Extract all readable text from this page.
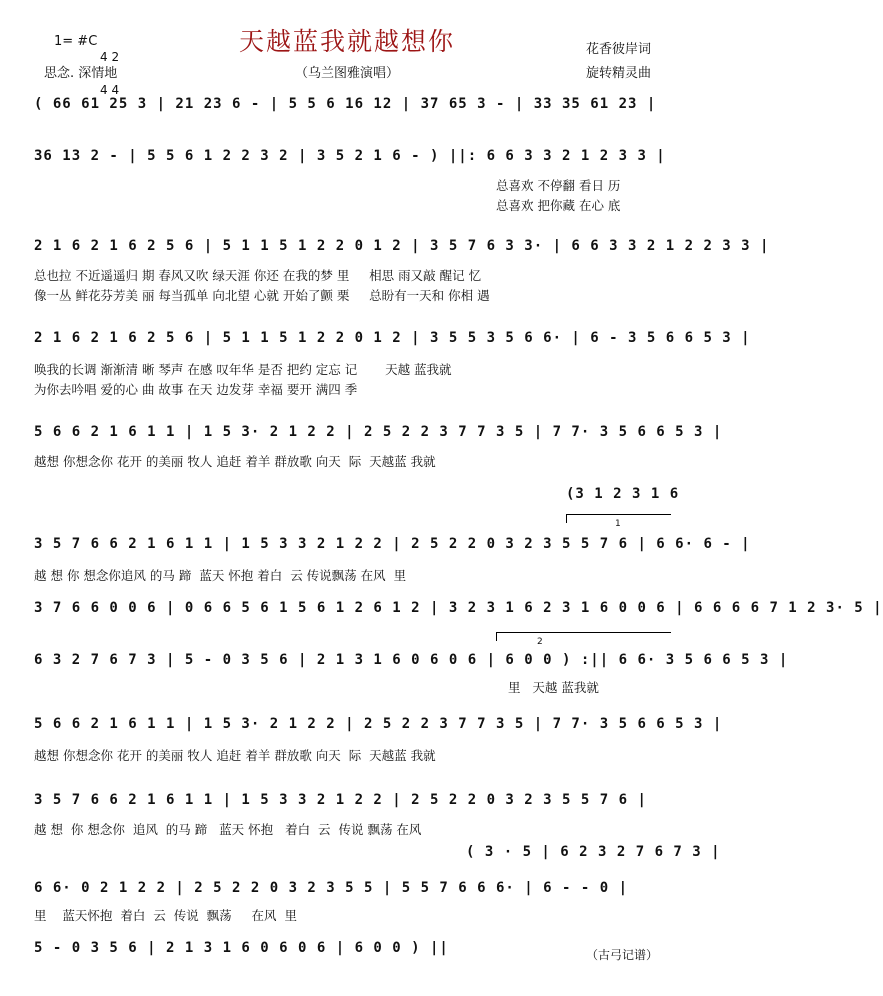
天越蓝我就越想你
（乌兰图雅演唱）
1= #C

4 2

4 4

思念. 深情地
花香彼岸词
旋转精灵曲
( 66 61 25 3 | 21 23 6 - | 5 5 6 16 12 | 37 65 3 - | 33 35 61 23 |
36 13 2 - | 5 5 6 1 2 2 3 2 | 3 5 2 1 6 - ) ||: 6 6 3 3 2 1 2 3 3 |
总喜欢 不停翻 看日 历
总喜欢 把你藏 在心 底
2 1 6 2 1 6 2 5 6 | 5 1 1 5 1 2 2 0 1 2 | 3 5 7 6 3 3· | 6 6 3 3 2 1 2 2 3 3 |
总也拉 不近遥遥归 期 春风又吹 绿天涯 你还 在我的梦 里     相思 雨又敲 醒记 忆
像一丛 鲜花芬芳美 丽 每当孤单 向北望 心就 开始了颤 栗     总盼有一天和 你相 遇
2 1 6 2 1 6 2 5 6 | 5 1 1 5 1 2 2 0 1 2 | 3 5 5 3 5 6 6· | 6 - 3 5 6 6 5 3 |
唤我的长调 渐渐清 晰 琴声 在感 叹年华 是否 把约 定忘 记       天越 蓝我就
为你去吟唱 爱的心 曲 故事 在天 边发芽 幸福 要开 满四 季
5 6 6 2 1 6 1 1 | 1 5 3· 2 1 2 2 | 2 5 2 2 3 7 7 3 5 | 7 7· 3 5 6 6 5 3 |
越想 你想念你 花开 的美丽 牧人 追赶 着羊 群放歌 向天  际  天越蓝 我就
(3 1 2 3 1 6
$^1$
3 5 7 6 6 2 1 6 1 1 | 1 5 3 3 2 1 2 2 | 2 5 2 2 0 3 2 3 5 5 7 6 | 6 6· 6 - |
越 想 你 想念你追风 的马 蹄  蓝天 怀抱 着白  云 传说飘荡 在风  里
3 7 6 6 0 0 6 | 0 6 6 5 6 1 5 6 1 2 6 1 2 | 3 2 3 1 6 2 3 1 6 0 0 6 | 6 6 6 6 7 1 2 3· 5 |
$^2$
6 3 2 7 6 7 3 | 5 - 0 3 5 6 | 2 1 3 1 6 0 6 0 6 | 6 0 0 ) :|| 6 6· 3 5 6 6 5 3 |
里   天越 蓝我就
5 6 6 2 1 6 1 1 | 1 5 3· 2 1 2 2 | 2 5 2 2 3 7 7 3 5 | 7 7· 3 5 6 6 5 3 |
越想 你想念你 花开 的美丽 牧人 追赶 着羊 群放歌 向天  际  天越蓝 我就
3 5 7 6 6 2 1 6 1 1 | 1 5 3 3 2 1 2 2 | 2 5 2 2 0 3 2 3 5 5 7 6 |
越 想  你 想念你  追风  的马 蹄   蓝天 怀抱   着白  云  传说 飘荡 在风
( 3 · 5 | 6 2 3 2 7 6 7 3 |
6 6· 0 2 1 2 2 | 2 5 2 2 0 3 2 3 5 5 | 5 5 7 6 6 6· | 6 - - 0 |
里    蓝天怀抱  着白  云  传说  飘荡     在风  里
5 - 0 3 5 6 | 2 1 3 1 6 0 6 0 6 | 6 0 0 ) ||	（古弓记谱）
